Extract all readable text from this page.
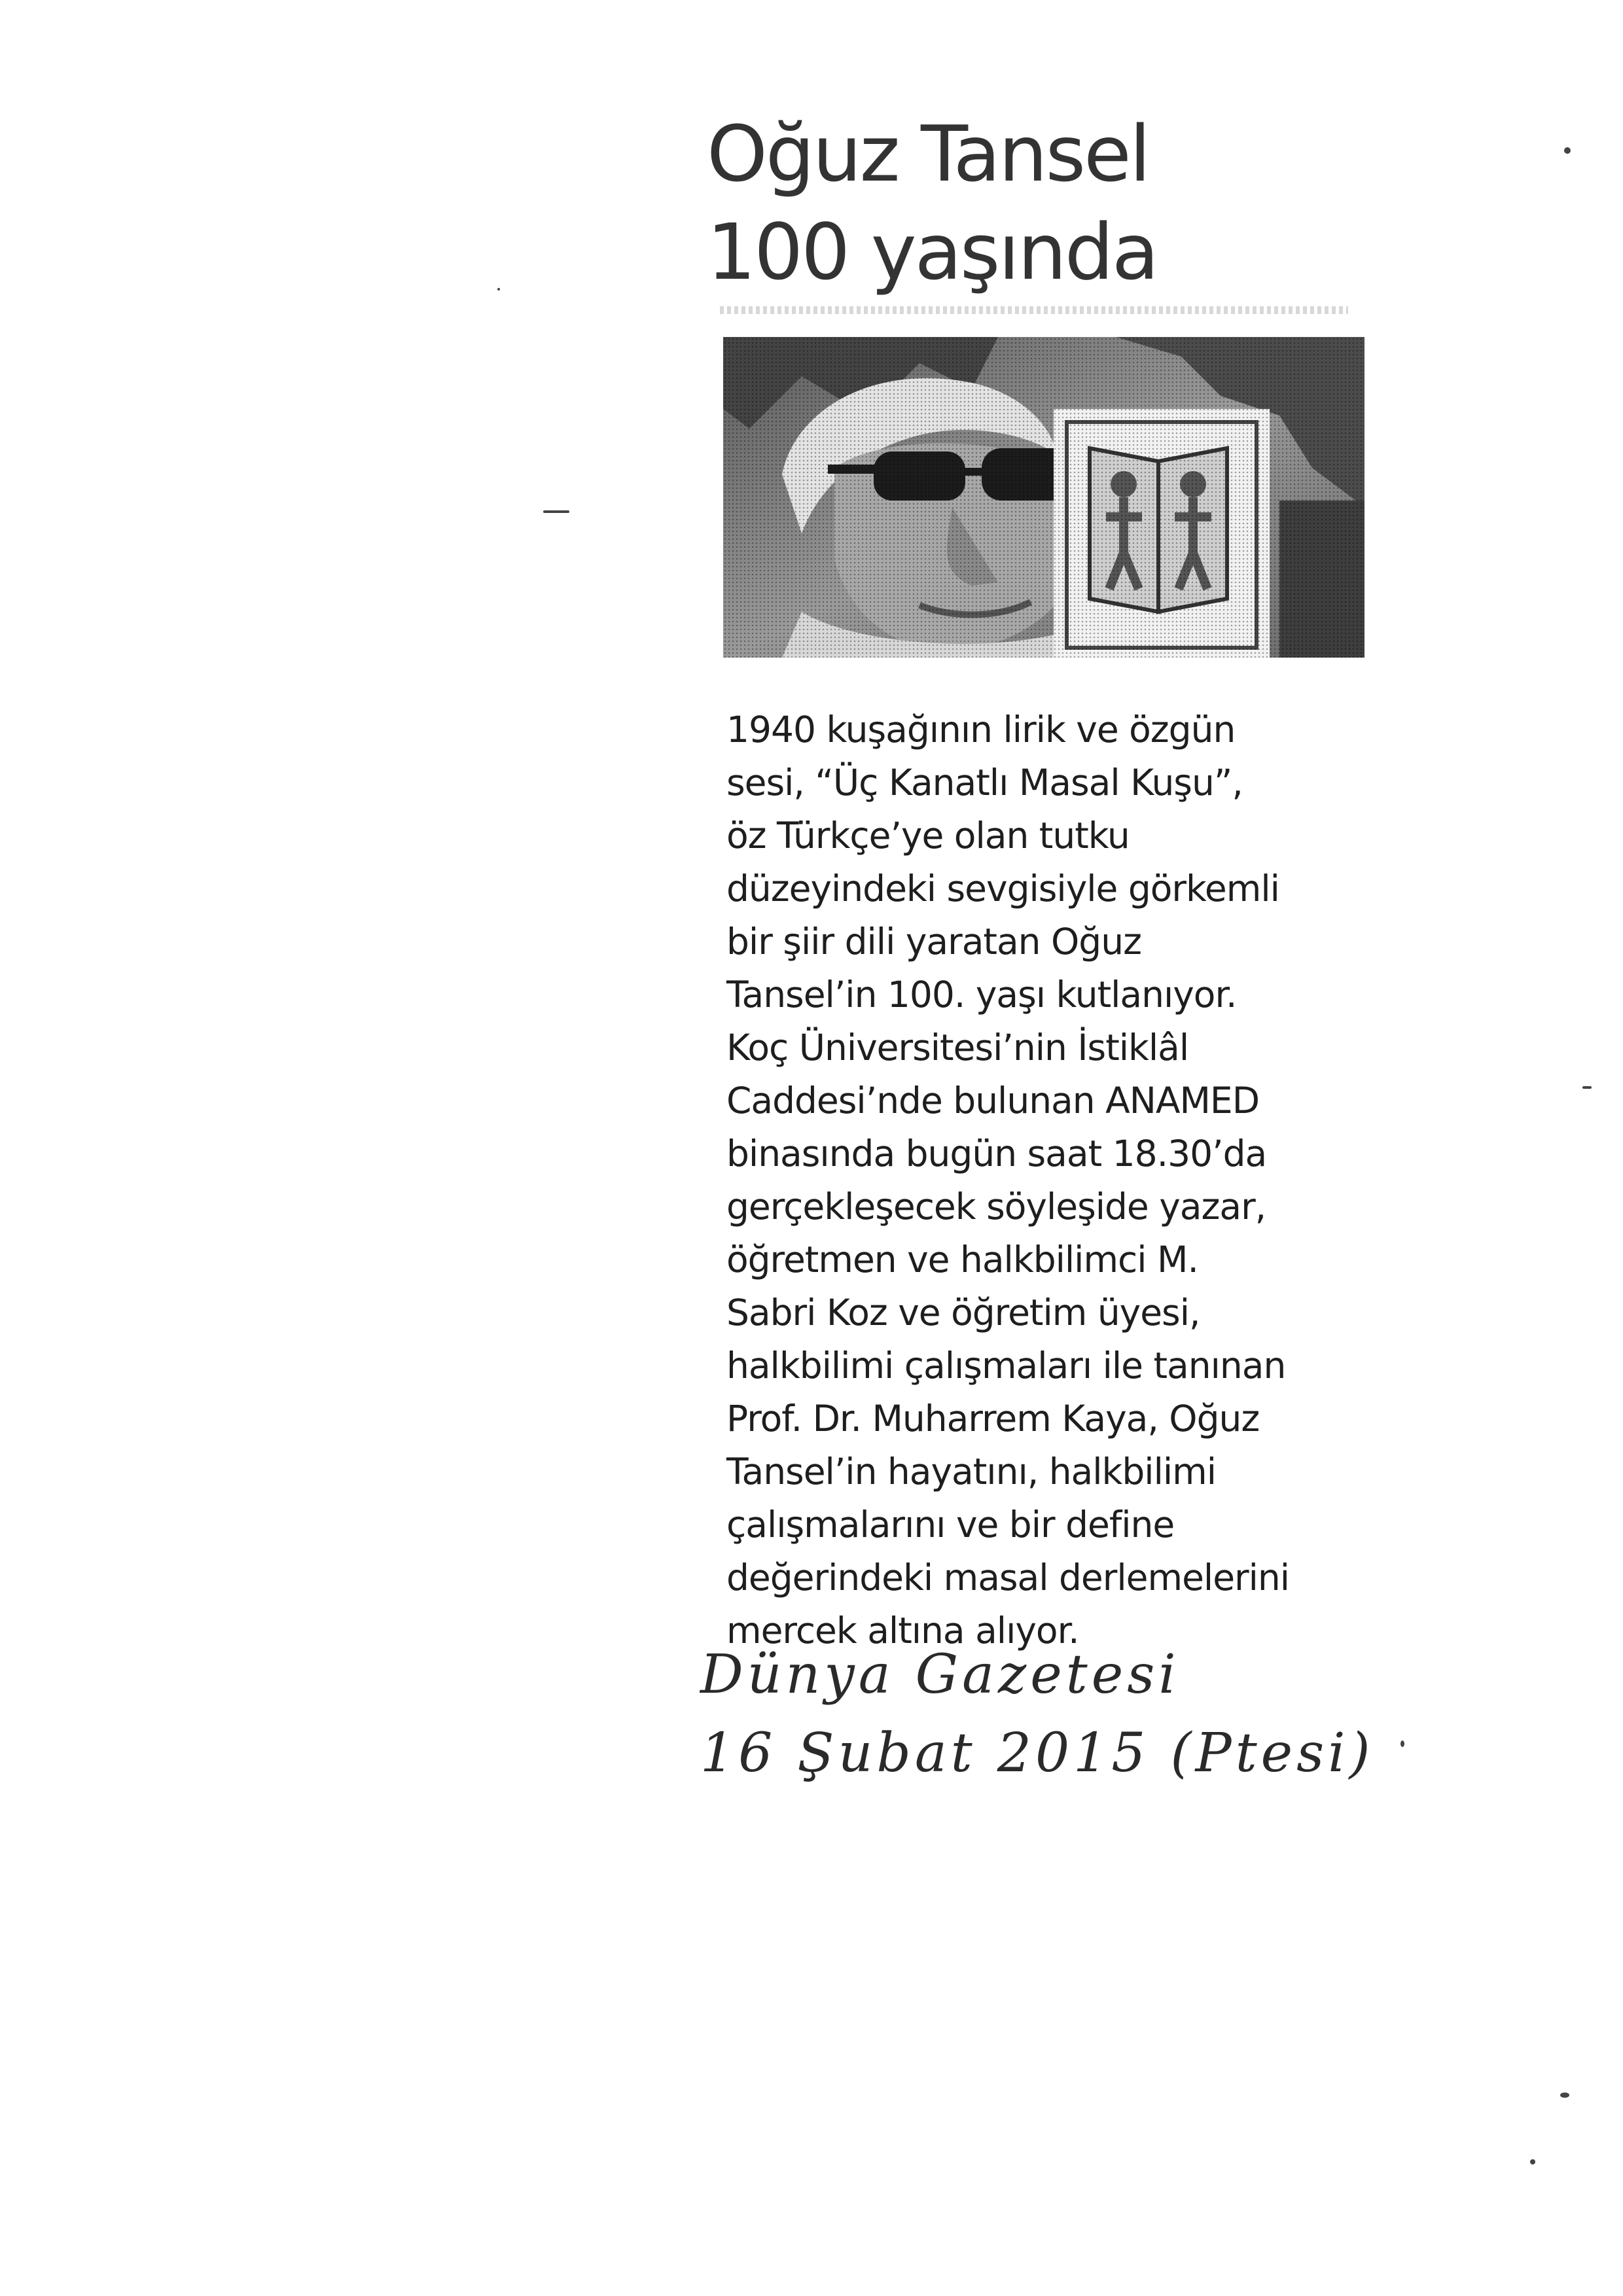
Oğuz Tansel
100 yaşında

1940 kuşağının lirik ve özgün
sesi, “Üç Kanatlı Masal Kuşu”,
öz Türkçe’ye olan tutku
düzeyindeki sevgisiyle görkemli
bir şiir dili yaratan Oğuz
Tansel’in 100. yaşı kutlanıyor.
Koç Üniversitesi’nin İstiklâl
Caddesi’nde bulunan ANAMED
binasında bugün saat 18.30’da
gerçekleşecek söyleşide yazar,
öğretmen ve halkbilimci M.
Sabri Koz ve öğretim üyesi,
halkbilimi çalışmaları ile tanınan
Prof. Dr. Muharrem Kaya, Oğuz
Tansel’in hayatını, halkbilimi
çalışmalarını ve bir define
değerindeki masal derlemelerini
mercek altına alıyor.

Dünya Gazetesi
16 Şubat 2015 (Ptesi)
